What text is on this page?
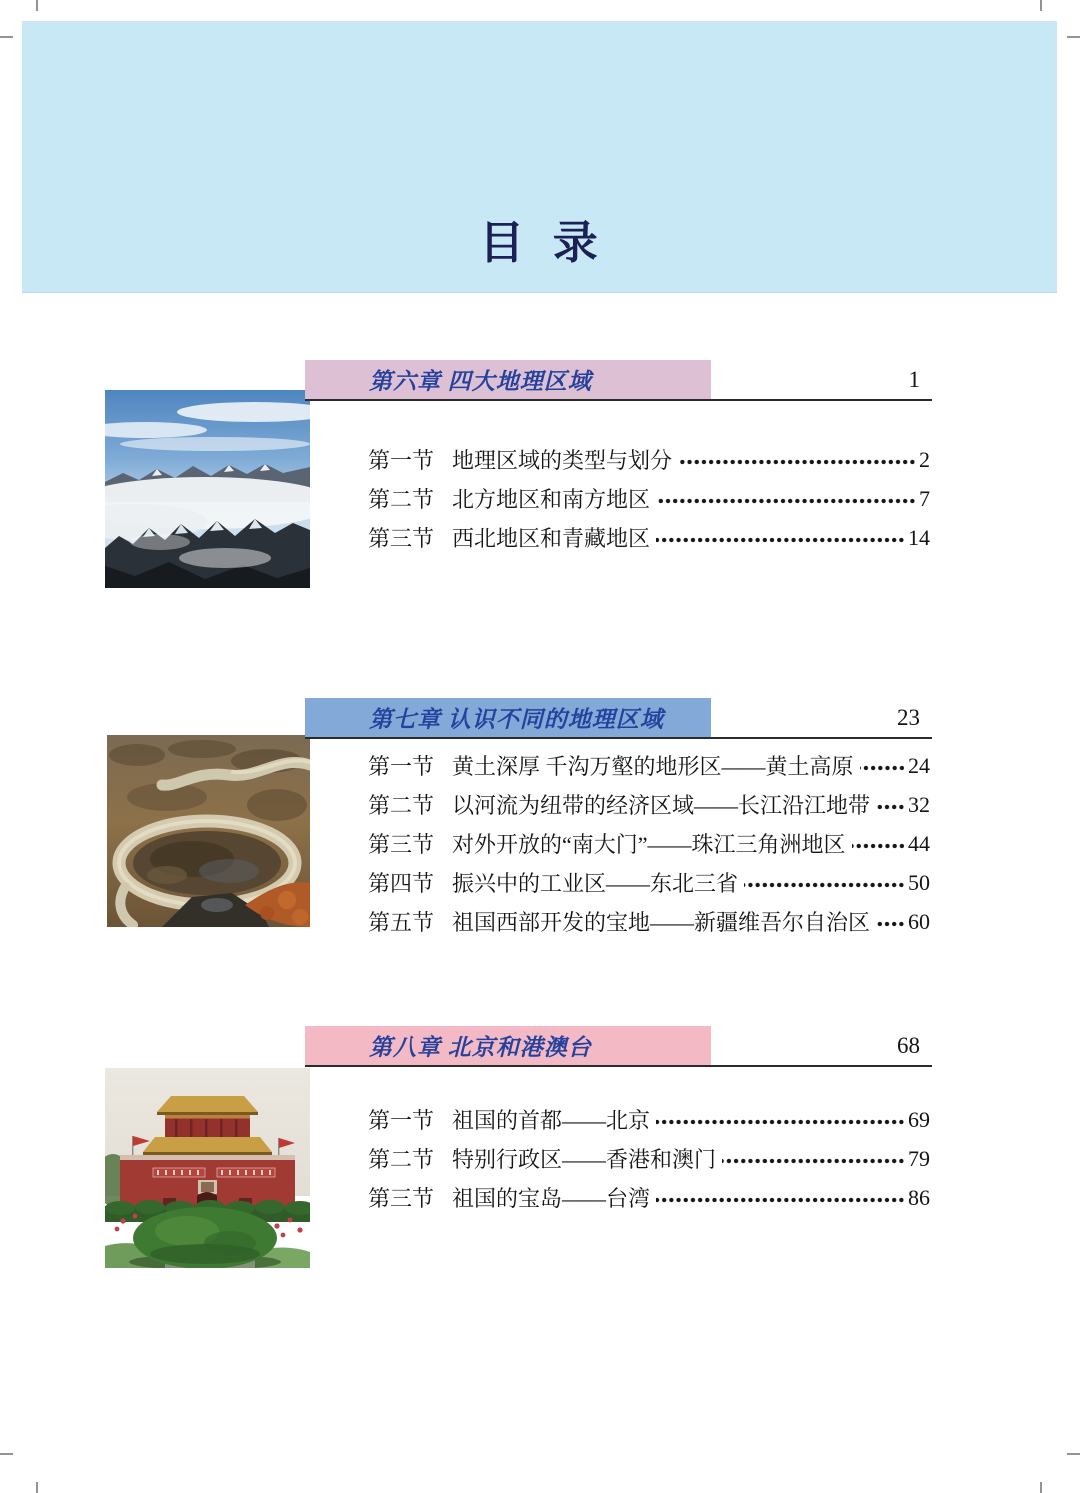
目  录
第六章 四大地理区域	1
第一节 地理区域的类型与划分	2
第二节 北方地区和南方地区	7
第三节 西北地区和青藏地区	14
第七章 认识不同的地理区域	23
第一节 黄土深厚 千沟万壑的地形区——黄土高原 24
第二节 以河流为纽带的经济区域——长江沿江地带 32
第三节 对外开放的“南大门”——珠江三角洲地区	44
第四节 振兴中的工业区——东北三省	50
第五节 祖国西部开发的宝地——新疆维吾尔自治区 60
第八章 北京和港澳台	68
第一节 祖国的首都——北京	69
第二节 特别行政区——香港和澳门	79
第三节 祖国的宝岛——台湾	86
